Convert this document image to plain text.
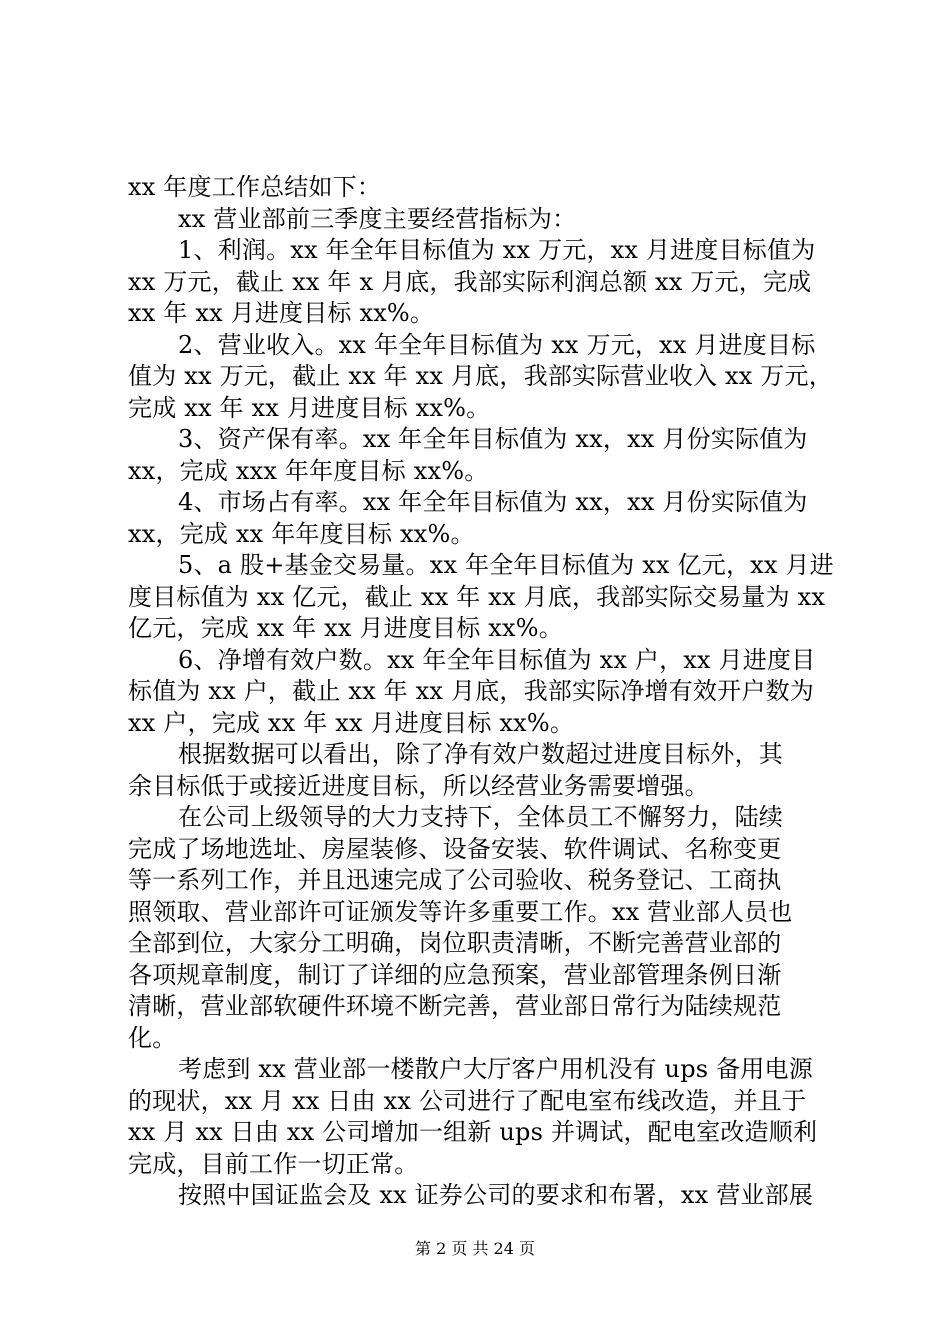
xx 年度工作总结如下：
xx 营业部前三季度主要经营指标为：
1、利润。xx 年全年目标值为 xx 万元，xx 月进度目标值为
xx 万元，截止 xx 年 x 月底，我部实际利润总额 xx 万元，完成
xx 年 xx 月进度目标 xx%。
2、营业收入。xx 年全年目标值为 xx 万元，xx 月进度目标
值为 xx 万元，截止 xx 年 xx 月底，我部实际营业收入 xx 万元，
完成 xx 年 xx 月进度目标 xx%。
3、资产保有率。xx 年全年目标值为 xx，xx 月份实际值为
xx，完成 xxx 年年度目标 xx%。
4、市场占有率。xx 年全年目标值为 xx，xx 月份实际值为
xx，完成 xx 年年度目标 xx%。
5、a 股+基金交易量。xx 年全年目标值为 xx 亿元，xx 月进
度目标值为 xx 亿元，截止 xx 年 xx 月底，我部实际交易量为 xx
亿元，完成 xx 年 xx 月进度目标 xx%。
6、净增有效户数。xx 年全年目标值为 xx 户，xx 月进度目
标值为 xx 户，截止 xx 年 xx 月底，我部实际净增有效开户数为
xx 户，完成 xx 年 xx 月进度目标 xx%。
根据数据可以看出，除了净有效户数超过进度目标外，其
余目标低于或接近进度目标，所以经营业务需要增强。
在公司上级领导的大力支持下，全体员工不懈努力，陆续
完成了场地选址、房屋装修、设备安装、软件调试、名称变更
等一系列工作，并且迅速完成了公司验收、税务登记、工商执
照领取、营业部许可证颁发等许多重要工作。xx 营业部人员也
全部到位，大家分工明确，岗位职责清晰，不断完善营业部的
各项规章制度，制订了详细的应急预案，营业部管理条例日渐
清晰，营业部软硬件环境不断完善，营业部日常行为陆续规范
化。
考虑到 xx 营业部一楼散户大厅客户用机没有 ups 备用电源
的现状，xx 月 xx 日由 xx 公司进行了配电室布线改造，并且于
xx 月 xx 日由 xx 公司增加一组新 ups 并调试，配电室改造顺利
完成，目前工作一切正常。
按照中国证监会及 xx 证券公司的要求和布署，xx 营业部展
第 2 页 共 24 页
